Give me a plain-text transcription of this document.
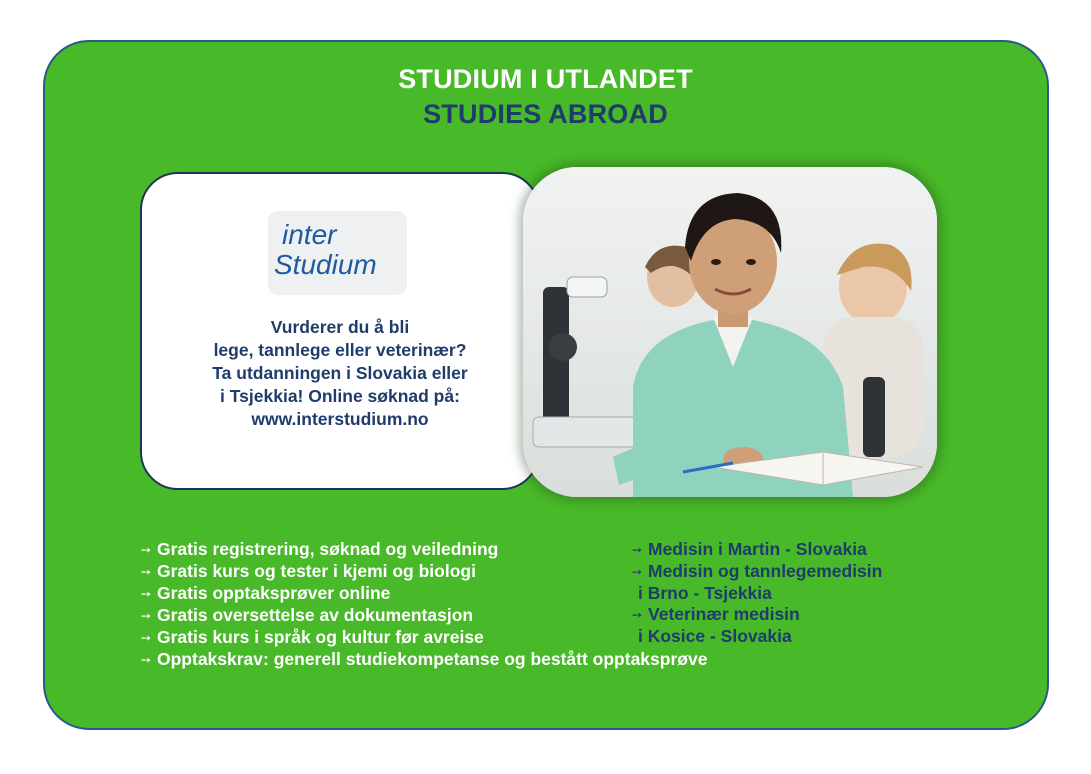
STUDIUM I UTLANDET
STUDIES ABROAD
inter
Studium
Vurderer du å bli
lege, tannlege eller veterinær?
Ta utdanningen i Slovakia eller
i Tsjekkia! Online søknad på:
www.interstudium.no
➙ Gratis registrering, søknad og veiledning
➙ Gratis kurs og tester i kjemi og biologi
➙ Gratis opptaksprøver online
➙ Gratis oversettelse av dokumentasjon
➙ Gratis kurs i språk og kultur før avreise
➙ Opptakskrav: generell studiekompetanse og bestått opptaksprøve
➙ Medisin i Martin - Slovakia
➙ Medisin og tannlegemedisin
i Brno - Tsjekkia
➙ Veterinær medisin
i Kosice - Slovakia
